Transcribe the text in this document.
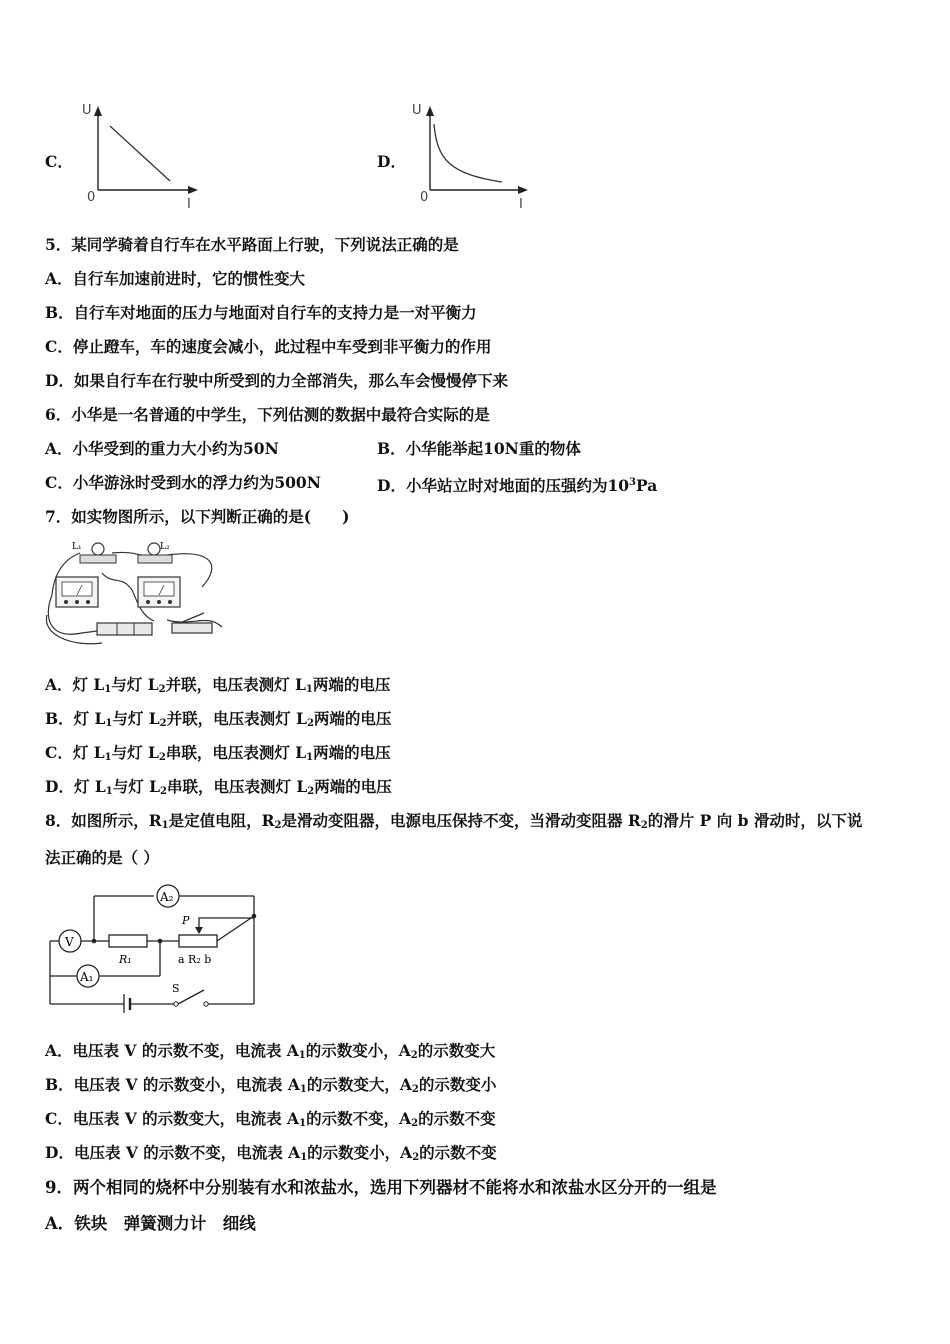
C．
U
0	I
D．
U
0	I
5．某同学骑着自行车在水平路面上行驶，下列说法正确的是
A．自行车加速前进时，它的惯性变大
B．自行车对地面的压力与地面对自行车的支持力是一对平衡力
C．停止蹬车，车的速度会减小，此过程中车受到非平衡力的作用
D．如果自行车在行驶中所受到的力全部消失，那么车会慢慢停下来
6．小华是一名普通的中学生，下列估测的数据中最符合实际的是
A．小华受到的重力大小约为50N	B．小华能举起10N重的物体
C．小华游泳时受到水的浮力约为500N	D．小华站立时对地面的压强约为$10^3Pa$
7．如实物图所示，以下判断正确的是(　　)
L₁	L₂
A．灯 $L_1$与灯 $L_2$并联，电压表测灯 $L_1$两端的电压
B．灯 $L_1$与灯 $L_2$并联，电压表测灯 $L_2$两端的电压
C．灯 $L_1$与灯 $L_2$串联，电压表测灯 $L_1$两端的电压
D．灯 $L_1$与灯 $L_2$串联，电压表测灯 $L_2$两端的电压
8．如图所示，$R_1$是定值电阻，$R_2$是滑动变阻器，电源电压保持不变，当滑动变阻器 $R_2$的滑片 P 向 b 滑动时，以下说
法正确的是（ ）
A₂
A₁
V
R₁	a R₂ b
P
S
A．电压表 V 的示数不变，电流表 $A_1$的示数变小，$A_2$的示数变大
B．电压表 V 的示数变小，电流表 $A_1$的示数变大，$A_2$的示数变小
C．电压表 V 的示数变大，电流表 $A_1$的示数不变，$A_2$的示数不变
D．电压表 V 的示数不变，电流表 $A_1$的示数变小，$A_2$的示数不变
9．两个相同的烧杯中分别装有水和浓盐水，选用下列器材不能将水和浓盐水区分开的一组是
A．铁块　弹簧测力计　细线
